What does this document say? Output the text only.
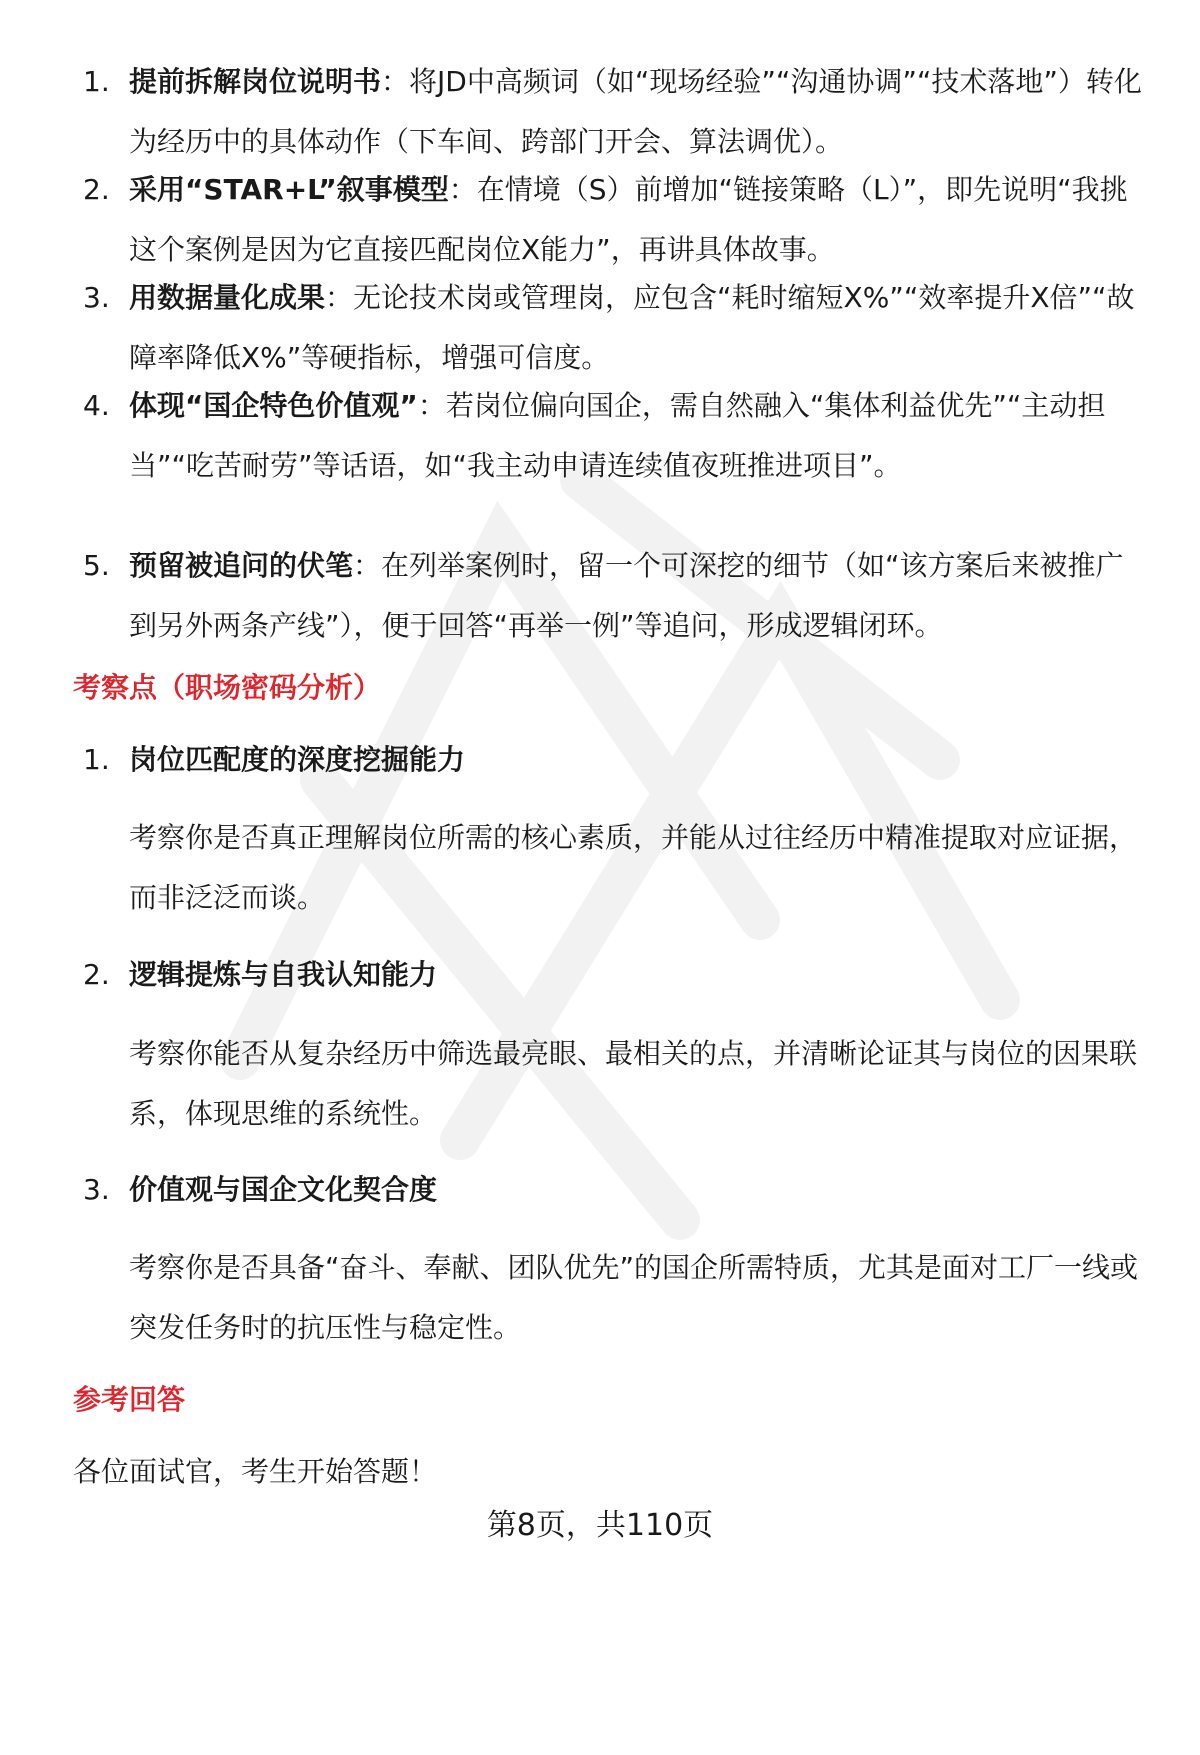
1. 提前拆解岗位说明书：将JD中高频词（如“现场经验”“沟通协调”“技术落地”）转化为经历中的具体动作（下车间、跨部门开会、算法调优）。
2. 采用“STAR+L”叙事模型：在情境（S）前增加“链接策略（L）”，即先说明“我挑这个案例是因为它直接匹配岗位X能力”，再讲具体故事。
3. 用数据量化成果：无论技术岗或管理岗，应包含“耗时缩短X%”“效率提升X倍”“故障率降低X%”等硬指标，增强可信度。
4. 体现“国企特色价值观”：若岗位偏向国企，需自然融入“集体利益优先”“主动担当”“吃苦耐劳”等话语，如“我主动申请连续值夜班推进项目”。
5. 预留被追问的伏笔：在列举案例时，留一个可深挖的细节（如“该方案后来被推广到另外两条产线”），便于回答“再举一例”等追问，形成逻辑闭环。
考察点（职场密码分析）
1. 岗位匹配度的深度挖掘能力
考察你是否真正理解岗位所需的核心素质，并能从过往经历中精准提取对应证据，而非泛泛而谈。
2. 逻辑提炼与自我认知能力
考察你能否从复杂经历中筛选最亮眼、最相关的点，并清晰论证其与岗位的因果联系，体现思维的系统性。
3. 价值观与国企文化契合度
考察你是否具备“奋斗、奉献、团队优先”的国企所需特质，尤其是面对工厂一线或突发任务时的抗压性与稳定性。
参考回答
各位面试官，考生开始答题！
第8页，共110页
